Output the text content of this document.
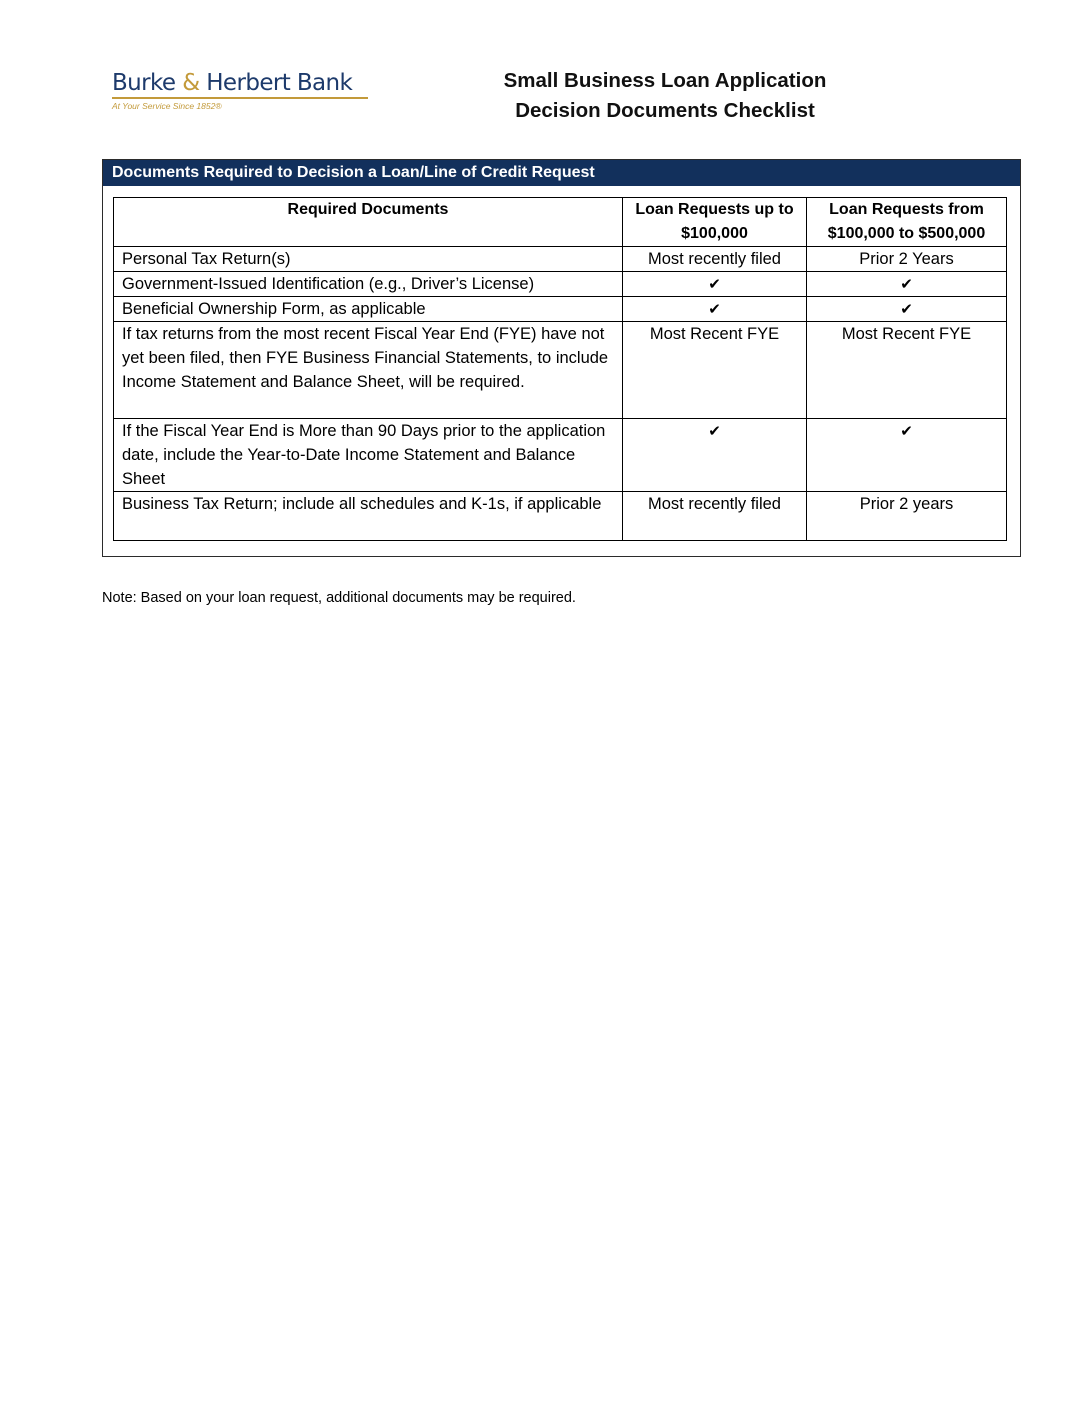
Burke & Herbert Bank
At Your Service Since 1852®
Small Business Loan Application
Decision Documents Checklist
Documents Required to Decision a Loan/Line of Credit Request
Required Documents	Loan Requests up to $100,000	Loan Requests from $100,000 to $500,000
Personal Tax Return(s)	Most recently filed	Prior 2 Years
Government-Issued Identification (e.g., Driver’s License)	✔	✔
Beneficial Ownership Form, as applicable	✔	✔
If tax returns from the most recent Fiscal Year End (FYE) have not yet been filed, then FYE Business Financial Statements, to include Income Statement and Balance Sheet, will be required.	Most Recent FYE	Most Recent FYE
If the Fiscal Year End is More than 90 Days prior to the application date, include the Year-to-Date Income Statement and Balance Sheet	✔	✔
Business Tax Return; include all schedules and K-1s, if applicable	Most recently filed	Prior 2 years
Note: Based on your loan request, additional documents may be required.
